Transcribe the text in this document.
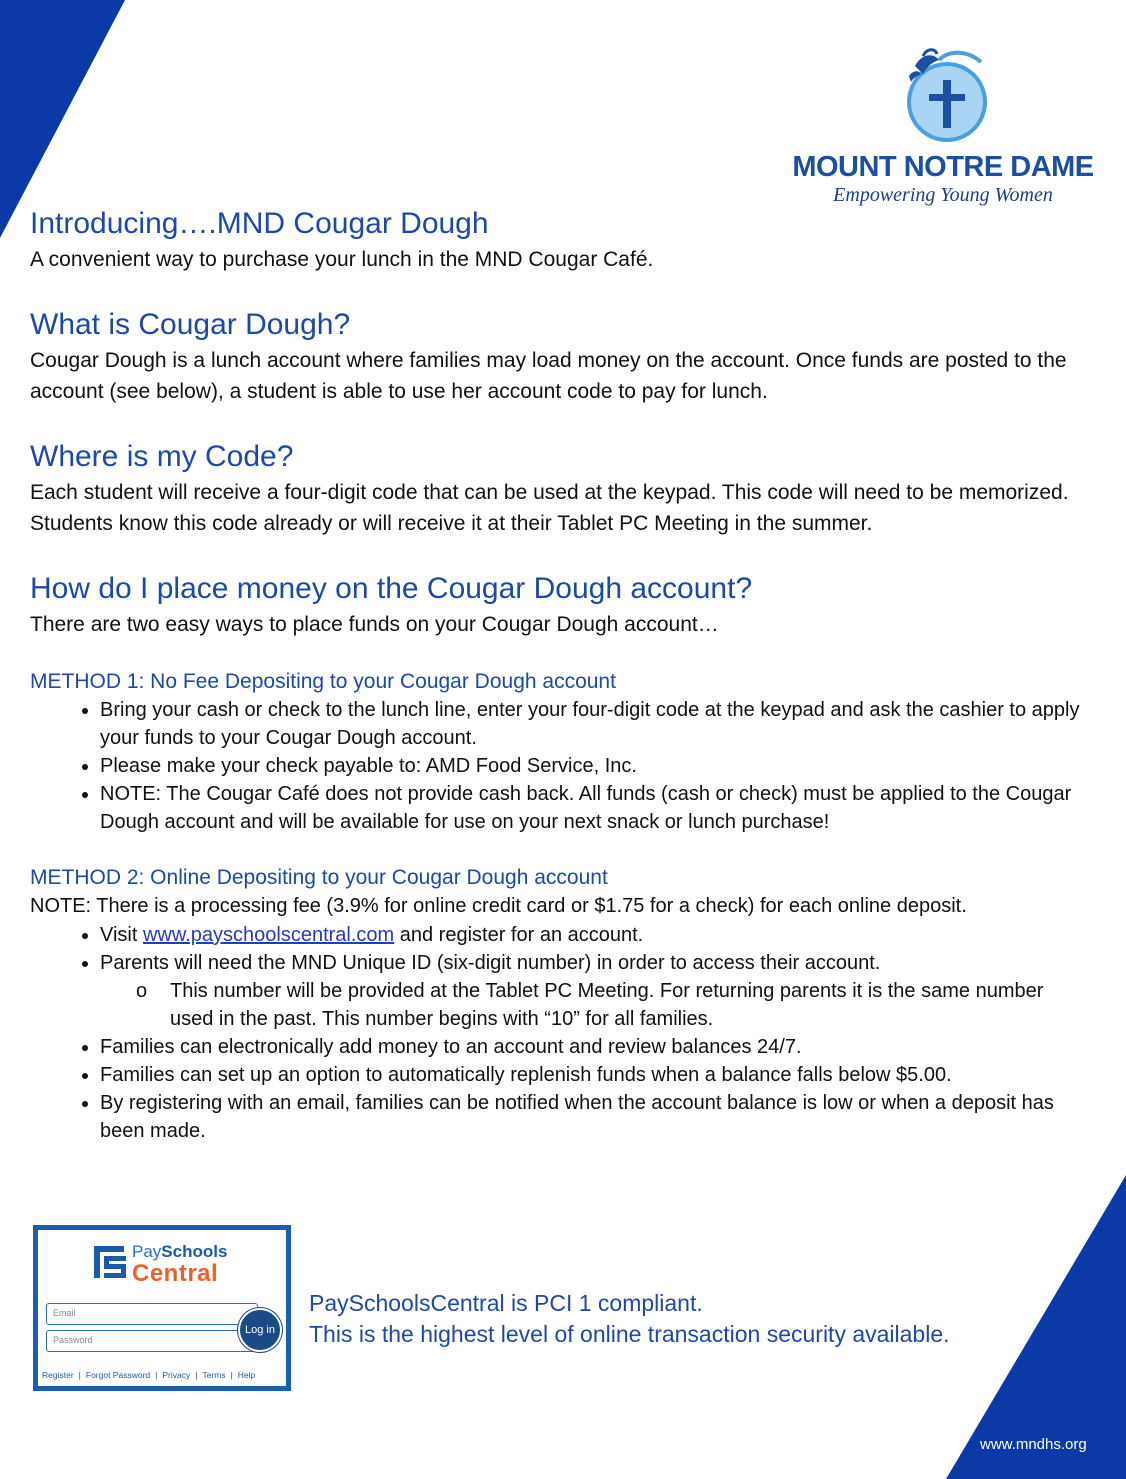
MOUNT NOTRE DAME
Empowering Young Women
Introducing….MND Cougar Dough

A convenient way to purchase your lunch in the MND Cougar Café.

What is Cougar Dough?

Cougar Dough is a lunch account where families may load money on the account. Once funds are posted to the account (see below), a student is able to use her account code to pay for lunch.

Where is my Code?

Each student will receive a four-digit code that can be used at the keypad. This code will need to be memorized. Students know this code already or will receive it at their Tablet PC Meeting in the summer.

How do I place money on the Cougar Dough account?

There are two easy ways to place funds on your Cougar Dough account…

METHOD 1: No Fee Depositing to your Cougar Dough account
• Bring your cash or check to the lunch line, enter your four-digit code at the keypad and ask the cashier to apply your funds to your Cougar Dough account.
• Please make your check payable to: AMD Food Service, Inc.
• NOTE: The Cougar Café does not provide cash back. All funds (cash or check) must be applied to the Cougar Dough account and will be available for use on your next snack or lunch purchase!
METHOD 2: Online Depositing to your Cougar Dough account

NOTE: There is a processing fee (3.9% for online credit card or $1.75 for a check) for each online deposit.

• Visit www.payschoolscentral.com and register for an account.
• Parents will need the MND Unique ID (six-digit number) in order to access their account.
o This number will be provided at the Tablet PC Meeting. For returning parents it is the same number used in the past. This number begins with “10” for all families.
• Families can electronically add money to an account and review balances 24/7.
• Families can set up an option to automatically replenish funds when a balance falls below $5.00.
• By registering with an email, families can be notified when the account balance is low or when a deposit has been made.
PaySchools
Central
Email
Password
Log in
Register | Forgot Password | Privacy | Terms | Help
PaySchoolsCentral is PCI 1 compliant.
This is the highest level of online transaction security available.
www.mndhs.org
